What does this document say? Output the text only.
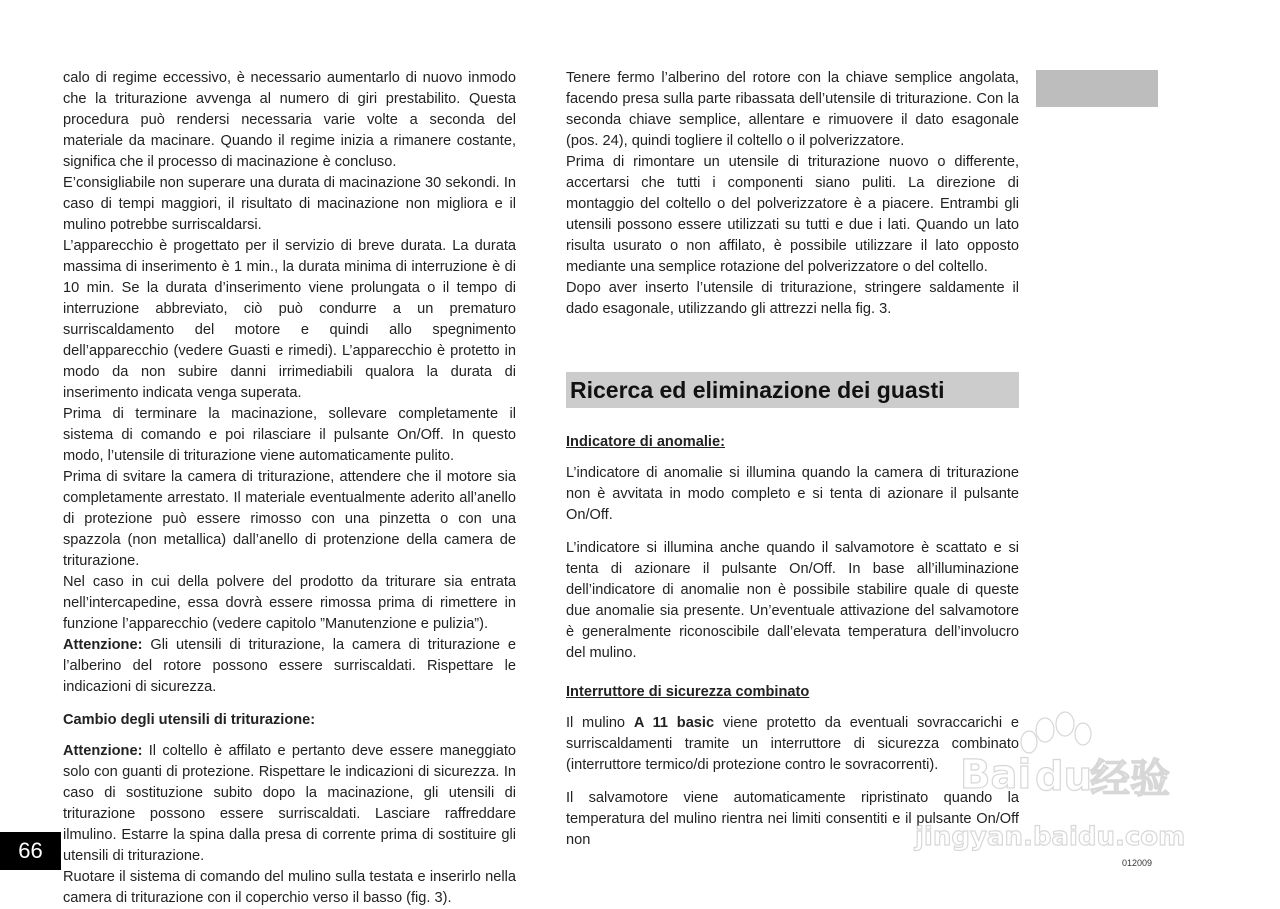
calo di regime eccessivo, è necessario aumentarlo di nuovo inmodo che la triturazione avvenga al numero di giri prestabilito. Questa procedura può rendersi necessaria varie volte a seconda del materiale da macinare. Quando il regime inizia a rimanere costante, significa che il processo di macinazione è concluso.

E’consigliabile non superare una durata di macinazione 30 sekondi. In caso di tempi maggiori, il risultato di macinazione non migliora e il mulino potrebbe surriscaldarsi.

L’apparecchio è progettato per il servizio di breve durata. La durata massima di inserimento è 1 min., la durata minima di interruzione è di 10 min. Se la durata d’inserimento viene prolungata o il tempo di interruzione abbreviato, ciò può condurre a un prematuro surriscaldamento del motore e quindi allo spegnimento dell’apparecchio (vedere Guasti e rimedi). L’apparecchio è protetto in modo da non subire danni irrimediabili qualora la durata di inserimento indicata venga superata.

Prima di terminare la macinazione, sollevare completamente il sistema di comando e poi rilasciare il pulsante On/Off. In questo modo, l’utensile di triturazione viene automaticamente pulito.

Prima di svitare la camera di triturazione, attendere che il motore sia completamente arrestato. Il materiale eventualmente aderito all’anello di protezione può essere rimosso con una pinzetta o con una spazzola (non metallica) dall’anello di protenzione della camera de triturazione.

Nel caso in cui della polvere del prodotto da triturare sia entrata nell’intercapedine, essa dovrà essere rimossa prima di rimettere in funzione l’apparecchio (vedere capitolo ”Manutenzione e pulizia”).

Attenzione: Gli utensili di triturazione, la camera di triturazione e l’alberino del rotore possono essere surriscaldati. Rispettare le indicazioni di sicurezza.

Cambio degli utensili di triturazione:

Attenzione: Il coltello è affilato e pertanto deve essere maneggiato solo con guanti di protezione. Rispettare le indicazioni di sicurezza. In caso di sostituzione subito dopo la macinazione, gli utensili di triturazione possono essere surriscaldati. Lasciare raffreddare ilmulino. Estarre la spina dalla presa di corrente prima di sostituire gli utensili di triturazione.

Ruotare il sistema di comando del mulino sulla testata e inserirlo nella camera di triturazione con il coperchio verso il basso (fig. 3).

Tenere fermo l’alberino del rotore con la chiave semplice angolata, facendo presa sulla parte ribassata dell’utensile di triturazione. Con la seconda chiave semplice, allentare e rimuovere il dato esagonale (pos. 24), quindi togliere il coltello o il polverizzatore.

Prima di rimontare un utensile di triturazione nuovo o differente, accertarsi che tutti i componenti siano puliti. La direzione di montaggio del coltello o del polverizzatore è a piacere. Entrambi gli utensili possono essere utilizzati su tutti e due i lati. Quando un lato risulta usurato o non affilato, è possibile utilizzare il lato opposto mediante una semplice rotazione del polverizzatore o del coltello.

Dopo aver inserto l’utensile di triturazione, stringere saldamente il dado esagonale, utilizzando gli attrezzi nella fig. 3.

Ricerca ed eliminazione dei guasti

Indicatore di anomalie:

L’indicatore di anomalie si illumina quando la camera di triturazione non è avvitata in modo completo e si tenta di azionare il pulsante On/Off.

L’indicatore si illumina anche quando il salvamotore è scattato e si tenta di azionare il pulsante On/Off. In base all’illuminazione dell’indicatore di anomalie non è possibile stabilire quale di queste due anomalie sia presente. Un’eventuale attivazione del salvamotore è generalmente riconoscibile dall’elevata temperatura dell’involucro del mulino.

Interruttore di sicurezza combinato

Il mulino A 11 basic viene protetto da eventuali sovraccarichi e surriscaldamenti tramite un interruttore di sicurezza combinato (interruttore termico/di protezione contro le sovracorrenti).

Il salvamotore viene automaticamente ripristinato quando la temperatura del mulino rientra nei limiti consentiti e il pulsante On/Off non

66	012009
Bai du
经验
jingyan.baidu.com
